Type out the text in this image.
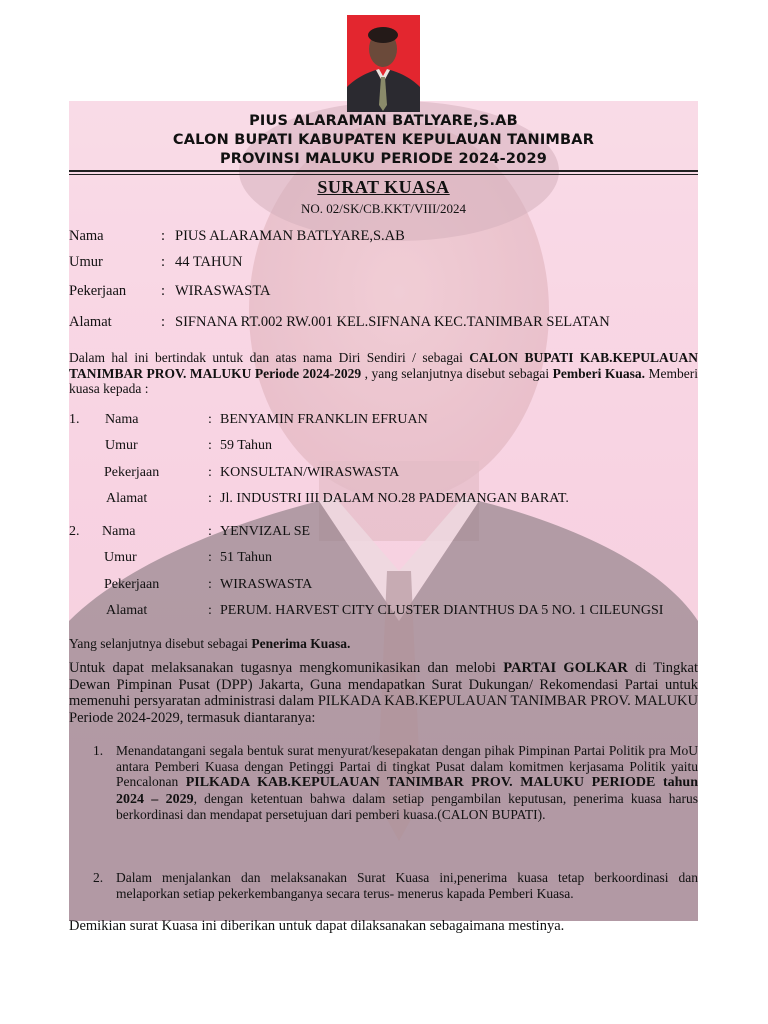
PIUS ALARAMAN BATLYARE,S.AB
CALON BUPATI KABUPATEN KEPULAUAN TANIMBAR
PROVINSI MALUKU PERIODE 2024-2029
SURAT KUASA
NO. 02/SK/CB.KKT/VIII/2024
Nama	: PIUS ALARAMAN BATLYARE,S.AB
Umur	: 44 TAHUN
Pekerjaan : WIRASWASTA
Alamat	: SIFNANA RT.002 RW.001 KEL.SIFNANA KEC.TANIMBAR SELATAN
Dalam hal ini bertindak untuk dan atas nama Diri Sendiri / sebagai CALON BUPATI KAB.KEPULAUAN TANIMBAR PROV. MALUKU Periode 2024-2029 , yang selanjutnya disebut sebagai Pemberi Kuasa. Memberi kuasa kepada :
1. Nama	: BENYAMIN FRANKLIN EFRUAN
Umur	: 59 Tahun
Pekerjaan	: KONSULTAN/WIRASWASTA
Alamat	: Jl. INDUSTRI III DALAM NO.28 PADEMANGAN BARAT.
2. Nama	: YENVIZAL SE
Umur	: 51 Tahun
Pekerjaan	: WIRASWASTA
Alamat	: PERUM. HARVEST CITY CLUSTER DIANTHUS DA 5 NO. 1 CILEUNGSI
Yang selanjutnya disebut sebagai Penerima Kuasa.
Untuk dapat melaksanakan tugasnya mengkomunikasikan dan melobi PARTAI GOLKAR di Tingkat Dewan Pimpinan Pusat (DPP) Jakarta, Guna mendapatkan Surat Dukungan/ Rekomendasi Partai untuk memenuhi persyaratan administrasi dalam PILKADA KAB.KEPULAUAN TANIMBAR PROV. MALUKU Periode 2024-2029, termasuk diantaranya:
1. Menandatangani segala bentuk surat menyurat/kesepakatan dengan pihak Pimpinan Partai Politik pra MoU antara Pemberi Kuasa dengan Petinggi Partai di tingkat Pusat dalam komitmen kerjasama Politik yaitu Pencalonan PILKADA KAB.KEPULAUAN TANIMBAR PROV. MALUKU PERIODE tahun 2024 – 2029, dengan ketentuan bahwa dalam setiap pengambilan keputusan, penerima kuasa harus berkordinasi dan mendapat persetujuan dari pemberi kuasa.(CALON BUPATI).
2. Dalam menjalankan dan melaksanakan Surat Kuasa ini,penerima kuasa tetap berkoordinasi dan melaporkan setiap pekerkembanganya secara terus- menerus kapada Pemberi Kuasa.
Demikian surat Kuasa ini diberikan untuk dapat dilaksanakan sebagaimana mestinya.
